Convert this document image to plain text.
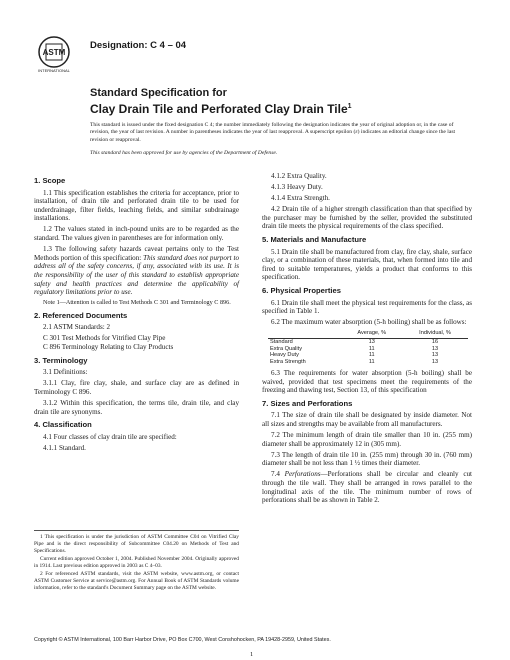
ASTM
INTERNATIONAL
Designation: C 4 – 04
Standard Specification for
Clay Drain Tile and Perforated Clay Drain Tile$^1$
This standard is issued under the fixed designation C 4; the number immediately following the designation indicates the year of original adoption or, in the case of revision, the year of last revision. A number in parentheses indicates the year of last reapproval. A superscript epsilon (ε) indicates an editorial change since the last revision or reapproval.
This standard has been approved for use by agencies of the Department of Defense.
1. Scope

1.1 This specification establishes the criteria for acceptance, prior to installation, of drain tile and perforated drain tile to be used for underdrainage, filter fields, leaching fields, and similar subdrainage installations.

1.2 The values stated in inch-pound units are to be regarded as the standard. The values given in parentheses are for information only.

1.3 The following safety hazards caveat pertains only to the Test Methods portion of this specification: This standard does not purport to address all of the safety concerns, if any, associated with its use. It is the responsibility of the user of this standard to establish appropriate safety and health practices and determine the applicability of regulatory limitations prior to use.

Note 1—Attention is called to Test Methods C 301 and Terminology C 896.

2. Referenced Documents

2.1 ASTM Standards: 2

C 301 Test Methods for Vitrified Clay Pipe

C 896 Terminology Relating to Clay Products

3. Terminology

3.1 Definitions:

3.1.1 Clay, fire clay, shale, and surface clay are as defined in Terminology C 896.

3.1.2 Within this specification, the terms tile, drain tile, and clay drain tile are synonyms.

4. Classification

4.1 Four classes of clay drain tile are specified:

4.1.1 Standard.

1 This specification is under the jurisdiction of ASTM Committee C04 on Vitrified Clay Pipe and is the direct responsibility of Subcommittee C04.20 on Methods of Test and Specifications.

Current edition approved October 1, 2004. Published November 2004. Originally approved in 1914. Last previous edition approved in 2003 as C 4–03.

2 For referenced ASTM standards, visit the ASTM website, www.astm.org, or contact ASTM Customer Service at service@astm.org. For Annual Book of ASTM Standards volume information, refer to the standard's Document Summary page on the ASTM website.

4.1.2 Extra Quality.

4.1.3 Heavy Duty.

4.1.4 Extra Strength.

4.2 Drain tile of a higher strength classification than that specified by the purchaser may be furnished by the seller, provided the substituted drain tile meets the physical requirements of the class specified.

5. Materials and Manufacture

5.1 Drain tile shall be manufactured from clay, fire clay, shale, surface clay, or a combination of these materials, that, when formed into tile and fired to suitable temperatures, yields a product that conforms to this specification.

6. Physical Properties

6.1 Drain tile shall meet the physical test requirements for the class, as specified in Table 1.

6.2 The maximum water absorption (5-h boiling) shall be as follows:

	Average, %	Individual, %
Standard	13	16
Extra Quality	11	13
Heavy Duty	11	13
Extra Strength	11	13

6.3 The requirements for water absorption (5-h boiling) shall be waived, provided that test specimens meet the requirements of the freezing and thawing test, Section 13, of this specification

7. Sizes and Perforations

7.1 The size of drain tile shall be designated by inside diameter. Not all sizes and strengths may be available from all manufacturers.

7.2 The minimum length of drain tile smaller than 10 in. (255 mm) diameter shall be approximately 12 in (305 mm).

7.3 The length of drain tile 10 in. (255 mm) through 30 in. (760 mm) diameter shall be not less than 1 ½ times their diameter.

7.4 Perforations—Perforations shall be circular and cleanly cut through the tile wall. They shall be arranged in rows parallel to the longitudinal axis of the tile. The minimum number of rows of perforations shall be as shown in Table 2.

Copyright © ASTM International, 100 Barr Harbor Drive, PO Box C700, West Conshohocken, PA 19428-2959, United States.
1
